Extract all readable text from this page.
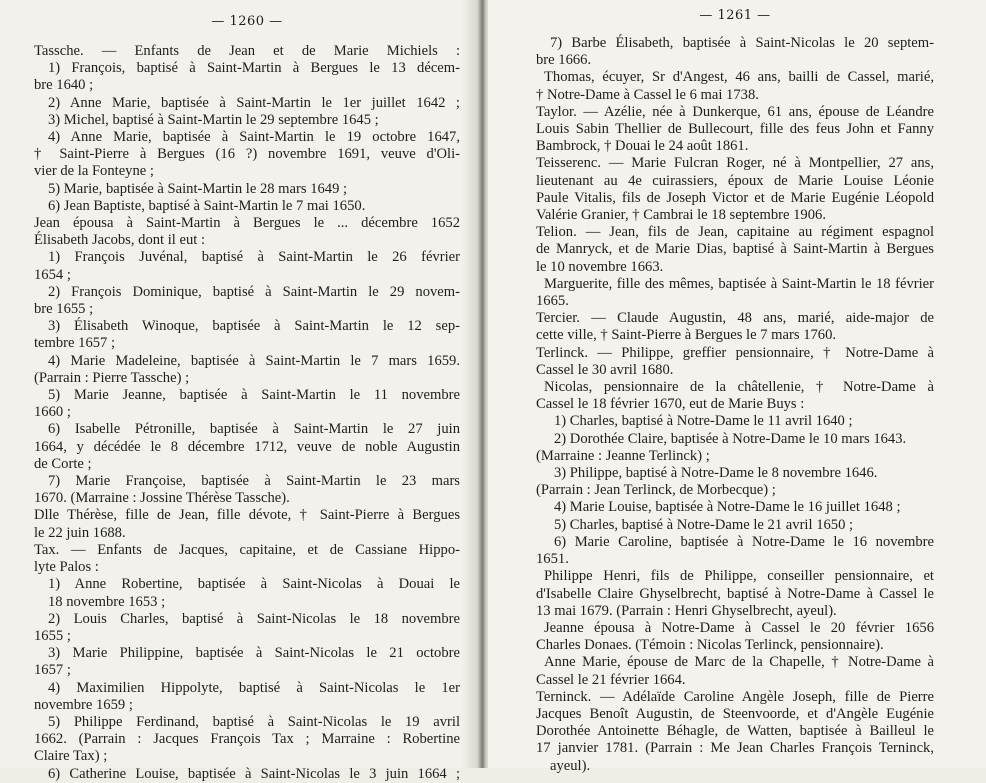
— 1260 —
Tassche. — Enfants de Jean et de Marie Michiels :
1) François, baptisé à Saint-Martin à Bergues le 13 décem-
bre 1640 ;
2) Anne Marie, baptisée à Saint-Martin le 1er juillet 1642 ;
3) Michel, baptisé à Saint-Martin le 29 septembre 1645 ;
4) Anne Marie, baptisée à Saint-Martin le 19 octobre 1647,
† Saint-Pierre à Bergues (16 ?) novembre 1691, veuve d'Oli-
vier de la Fonteyne ;
5) Marie, baptisée à Saint-Martin le 28 mars 1649 ;
6) Jean Baptiste, baptisé à Saint-Martin le 7 mai 1650.
Jean épousa à Saint-Martin à Bergues le ... décembre 1652
Élisabeth Jacobs, dont il eut :
1) François Juvénal, baptisé à Saint-Martin le 26 février
1654 ;
2) François Dominique, baptisé à Saint-Martin le 29 novem-
bre 1655 ;
3) Élisabeth Winoque, baptisée à Saint-Martin le 12 sep-
tembre 1657 ;
4) Marie Madeleine, baptisée à Saint-Martin le 7 mars 1659.
(Parrain : Pierre Tassche) ;
5) Marie Jeanne, baptisée à Saint-Martin le 11 novembre
1660 ;
6) Isabelle Pétronille, baptisée à Saint-Martin le 27 juin
1664, y décédée le 8 décembre 1712, veuve de noble Augustin
de Corte ;
7) Marie Françoise, baptisée à Saint-Martin le 23 mars
1670. (Marraine : Jossine Thérèse Tassche).
Dlle Thérèse, fille de Jean, fille dévote, † Saint-Pierre à Bergues
le 22 juin 1688.
Tax. — Enfants de Jacques, capitaine, et de Cassiane Hippo-
lyte Palos :
1) Anne Robertine, baptisée à Saint-Nicolas à Douai le
18 novembre 1653 ;
2) Louis Charles, baptisé à Saint-Nicolas le 18 novembre
1655 ;
3) Marie Philippine, baptisée à Saint-Nicolas le 21 octobre
1657 ;
4) Maximilien Hippolyte, baptisé à Saint-Nicolas le 1er
novembre 1659 ;
5) Philippe Ferdinand, baptisé à Saint-Nicolas le 19 avril
1662. (Parrain : Jacques François Tax ; Marraine : Robertine
Claire Tax) ;
6) Catherine Louise, baptisée à Saint-Nicolas le 3 juin 1664 ;
— 1261 —
7) Barbe Élisabeth, baptisée à Saint-Nicolas le 20 septem-
bre 1666.
Thomas, écuyer, Sr d'Angest, 46 ans, bailli de Cassel, marié,
† Notre-Dame à Cassel le 6 mai 1738.
Taylor. — Azélie, née à Dunkerque, 61 ans, épouse de Léandre
Louis Sabin Thellier de Bullecourt, fille des feus John et Fanny
Bambrock, † Douai le 24 août 1861.
Teisserenc. — Marie Fulcran Roger, né à Montpellier, 27 ans,
lieutenant au 4e cuirassiers, époux de Marie Louise Léonie
Paule Vitalis, fils de Joseph Victor et de Marie Eugénie Léopold
Valérie Granier, † Cambrai le 18 septembre 1906.
Telion. — Jean, fils de Jean, capitaine au régiment espagnol
de Manryck, et de Marie Dias, baptisé à Saint-Martin à Bergues
le 10 novembre 1663.
Marguerite, fille des mêmes, baptisée à Saint-Martin le 18 février
1665.
Tercier. — Claude Augustin, 48 ans, marié, aide-major de
cette ville, † Saint-Pierre à Bergues le 7 mars 1760.
Terlinck. — Philippe, greffier pensionnaire, † Notre-Dame à
Cassel le 30 avril 1680.
Nicolas, pensionnaire de la châtellenie, † Notre-Dame à
Cassel le 18 février 1670, eut de Marie Buys :
1) Charles, baptisé à Notre-Dame le 11 avril 1640 ;
2) Dorothée Claire, baptisée à Notre-Dame le 10 mars 1643.
(Marraine : Jeanne Terlinck) ;
3) Philippe, baptisé à Notre-Dame le 8 novembre 1646.
(Parrain : Jean Terlinck, de Morbecque) ;
4) Marie Louise, baptisée à Notre-Dame le 16 juillet 1648 ;
5) Charles, baptisé à Notre-Dame le 21 avril 1650 ;
6) Marie Caroline, baptisée à Notre-Dame le 16 novembre
1651.
Philippe Henri, fils de Philippe, conseiller pensionnaire, et
d'Isabelle Claire Ghyselbrecht, baptisé à Notre-Dame à Cassel le
13 mai 1679. (Parrain : Henri Ghyselbrecht, ayeul).
Jeanne épousa à Notre-Dame à Cassel le 20 février 1656
Charles Donaes. (Témoin : Nicolas Terlinck, pensionnaire).
Anne Marie, épouse de Marc de la Chapelle, † Notre-Dame à
Cassel le 21 février 1664.
Terninck. — Adélaïde Caroline Angèle Joseph, fille de Pierre
Jacques Benoît Augustin, de Steenvoorde, et d'Angèle Eugénie
Dorothée Antoinette Béhagle, de Watten, baptisée à Bailleul le
17 janvier 1781. (Parrain : Me Jean Charles François Terninck,
ayeul).
